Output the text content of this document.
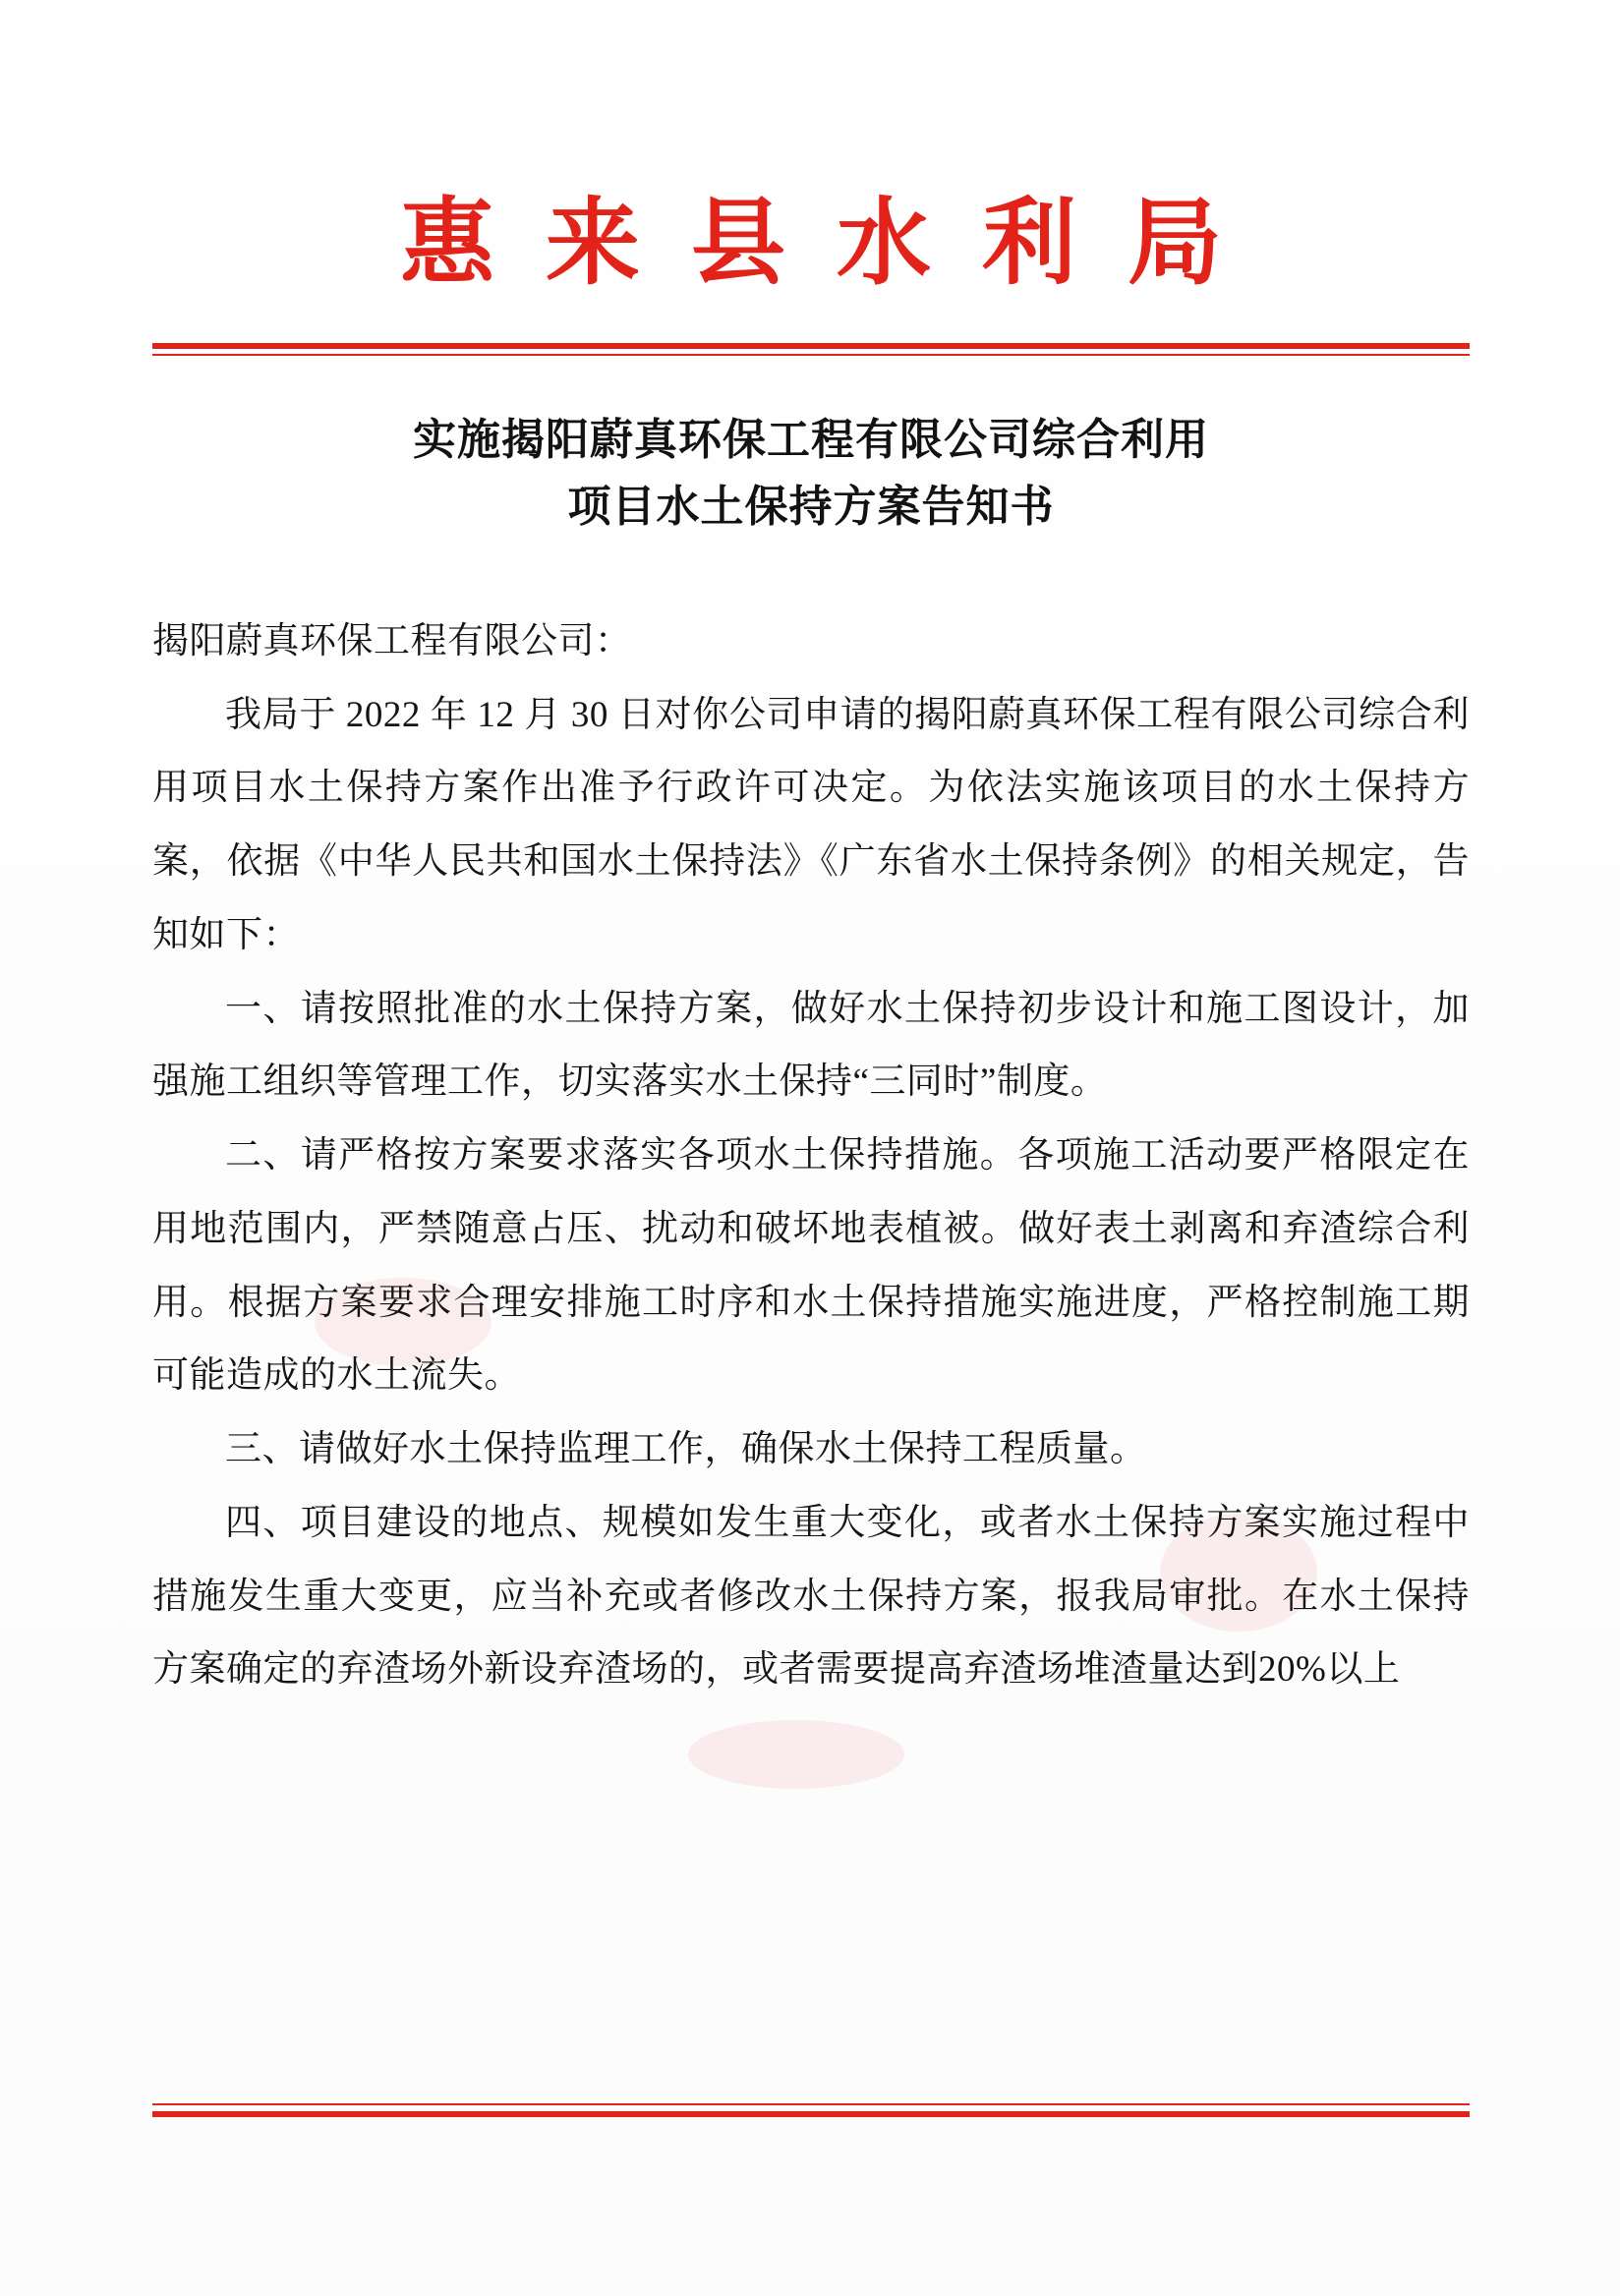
惠来县水利局
实施揭阳蔚真环保工程有限公司综合利用
项目水土保持方案告知书

揭阳蔚真环保工程有限公司：

我局于 2022 年 12 月 30 日对你公司申请的揭阳蔚真环保工程有限公司综合利用项目水土保持方案作出准予行政许可决定。为依法实施该项目的水土保持方案，依据《中华人民共和国水土保持法》《广东省水土保持条例》的相关规定，告知如下：

一、请按照批准的水土保持方案，做好水土保持初步设计和施工图设计，加强施工组织等管理工作，切实落实水土保持“三同时”制度。

二、请严格按方案要求落实各项水土保持措施。各项施工活动要严格限定在用地范围内，严禁随意占压、扰动和破坏地表植被。做好表土剥离和弃渣综合利用。根据方案要求合理安排施工时序和水土保持措施实施进度，严格控制施工期可能造成的水土流失。

三、请做好水土保持监理工作，确保水土保持工程质量。

四、项目建设的地点、规模如发生重大变化，或者水土保持方案实施过程中措施发生重大变更，应当补充或者修改水土保持方案，报我局审批。在水土保持方案确定的弃渣场外新设弃渣场的，或者需要提高弃渣场堆渣量达到20%以上
